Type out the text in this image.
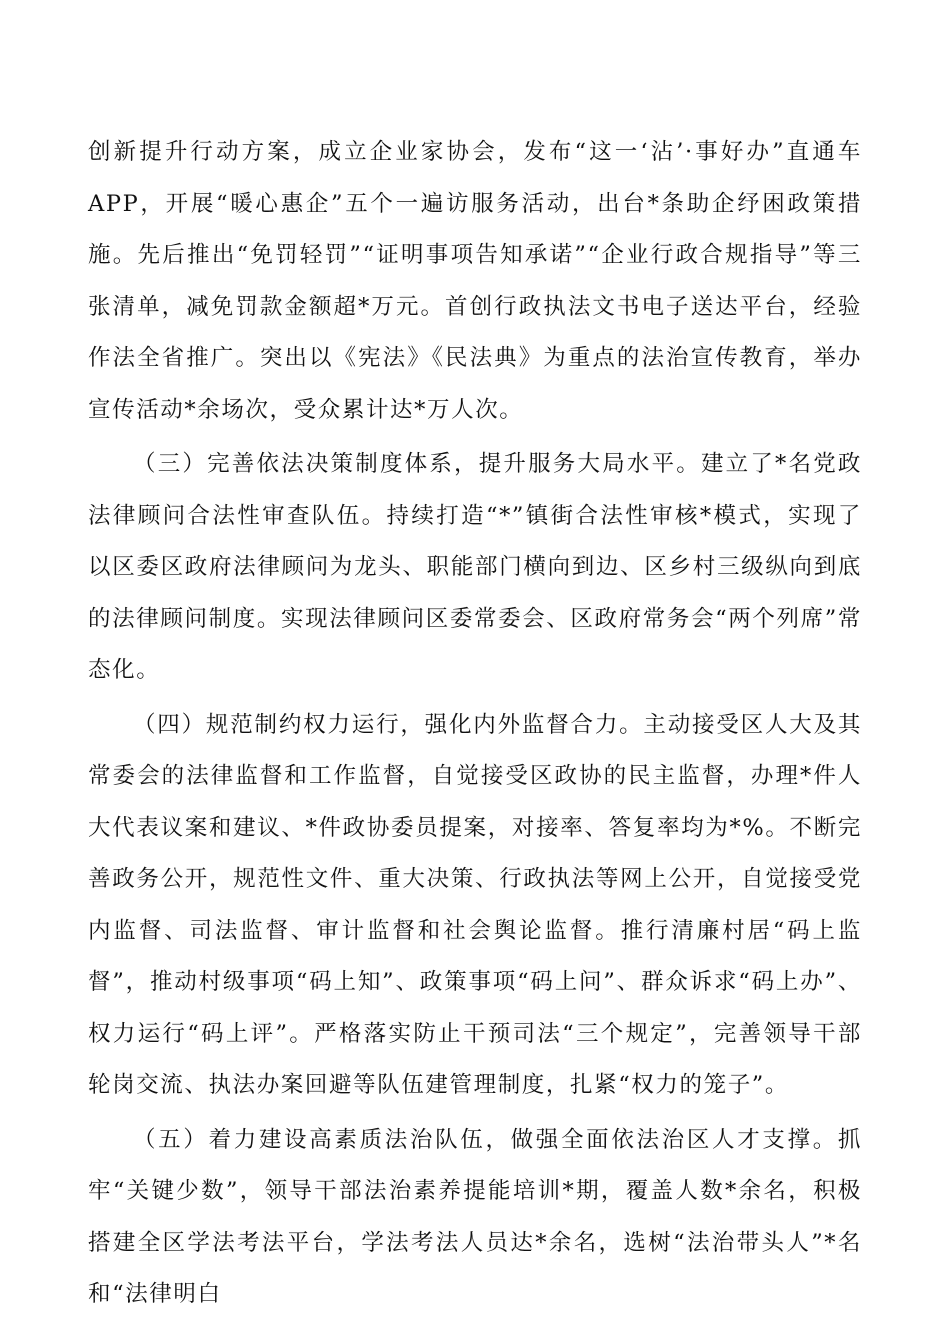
创新提升行动方案，成立企业家协会，发布“这一‘沾’·事好办”直通车APP，开展“暖心惠企”五个一遍访服务活动，出台*条助企纾困政策措施。先后推出“免罚轻罚”“证明事项告知承诺”“企业行政合规指导”等三张清单，减免罚款金额超*万元。首创行政执法文书电子送达平台，经验作法全省推广。突出以《宪法》《民法典》为重点的法治宣传教育，举办宣传活动*余场次，受众累计达*万人次。

（三）完善依法决策制度体系，提升服务大局水平。建立了*名党政法律顾问合法性审查队伍。持续打造“*”镇街合法性审核*模式，实现了以区委区政府法律顾问为龙头、职能部门横向到边、区乡村三级纵向到底的法律顾问制度。实现法律顾问区委常委会、区政府常务会“两个列席”常态化。

（四）规范制约权力运行，强化内外监督合力。主动接受区人大及其常委会的法律监督和工作监督，自觉接受区政协的民主监督，办理*件人大代表议案和建议、*件政协委员提案，对接率、答复率均为*%。不断完善政务公开，规范性文件、重大决策、行政执法等网上公开，自觉接受党内监督、司法监督、审计监督和社会舆论监督。推行清廉村居“码上监督”，推动村级事项“码上知”、政策事项“码上问”、群众诉求“码上办”、权力运行“码上评”。严格落实防止干预司法“三个规定”，完善领导干部轮岗交流、执法办案回避等队伍建管理制度，扎紧“权力的笼子”。

（五）着力建设高素质法治队伍，做强全面依法治区人才支撑。抓牢“关键少数”，领导干部法治素养提能培训*期，覆盖人数*余名，积极搭建全区学法考法平台，学法考法人员达*余名，选树“法治带头人”*名和“法律明白
